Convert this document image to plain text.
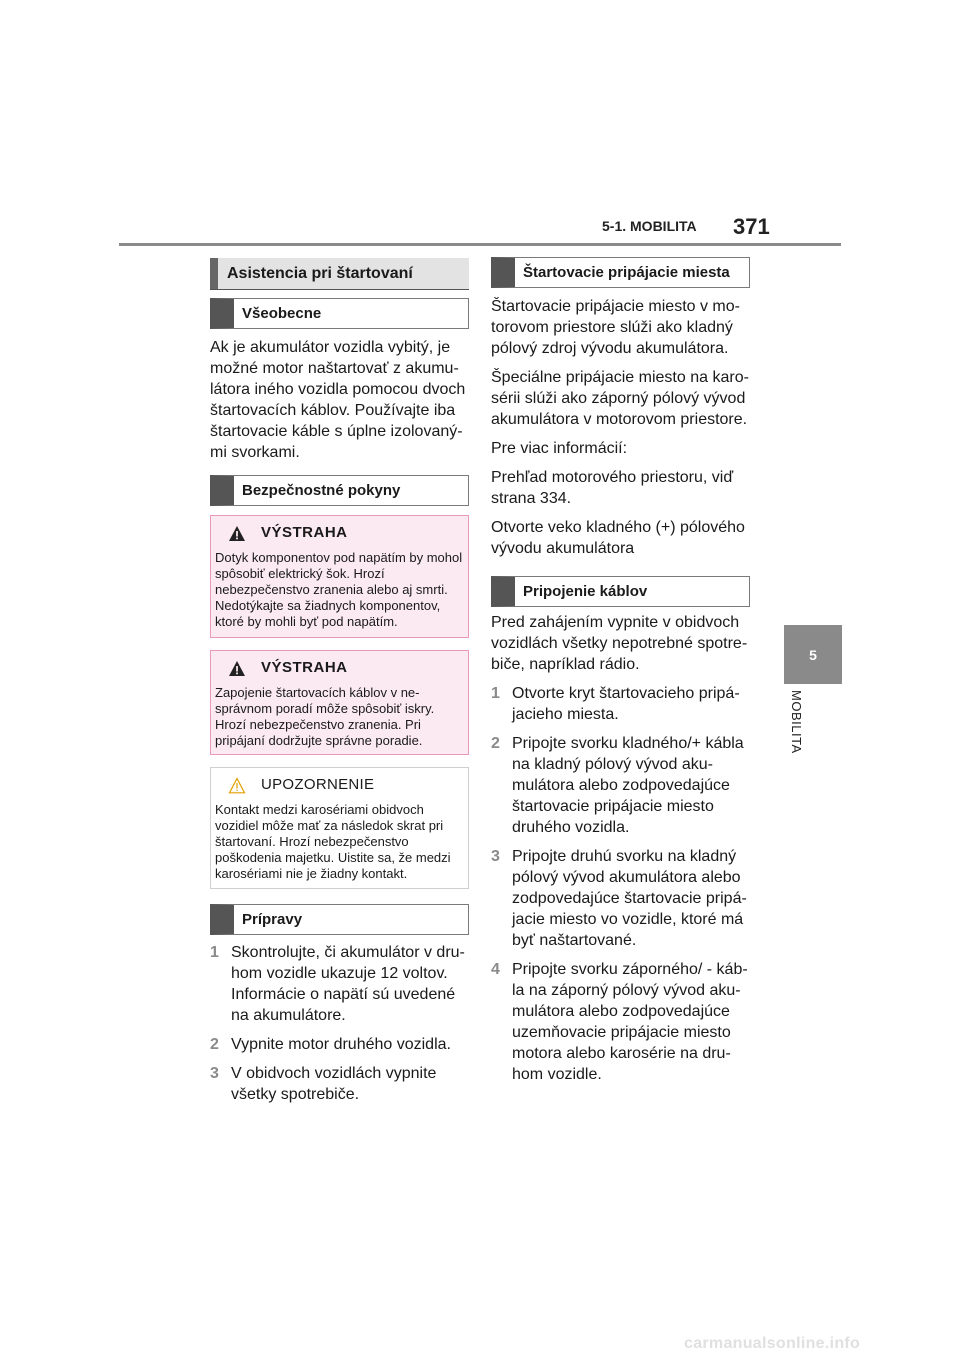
5-1. MOBILITA 371
5
MOBILITA
Asistencia pri štartovaní
Všeobecne

Ak je akumulátor vozidla vybitý, je možné motor naštartovať z akumulátora iného vozidla pomocou dvoch štartovacích káblov. Používajte iba štartovacie káble s úplne izolovanými svorkami.

Bezpečnostné pokyny
VÝSTRAHA
Dotyk komponentov pod napätím by mohol spôsobiť elektrický šok. Hrozí nebezpečenstvo zranenia alebo aj smrti. Nedotýkajte sa žiadnych komponentov, ktoré by mohli byť pod napätím.
VÝSTRAHA
Zapojenie štartovacích káblov v nesprávnom poradí môže spôsobiť iskry. Hrozí nebezpečenstvo zranenia. Pri pripájaní dodržujte správne poradie.
UPOZORNENIE
Kontakt medzi karosériami obidvoch vozidiel môže mať za následok skrat pri štartovaní. Hrozí nebezpečenstvo poškodenia majetku. Uistite sa, že medzi karosériami nie je žiadny kontakt.
Prípravy
1 Skontrolujte, či akumulátor v druhom vozidle ukazuje 12 voltov. Informácie o napätí sú uvedené na akumulátore.
2 Vypnite motor druhého vozidla.
3 V obidvoch vozidlách vypnite všetky spotrebiče.
Štartovacie pripájacie miesta

Štartovacie pripájacie miesto v motorovom priestore slúži ako kladný pólový zdroj vývodu akumulátora.

Špeciálne pripájacie miesto na karosérii slúži ako záporný pólový vývod akumulátora v motorovom priestore.

Pre viac informácií:

Prehľad motorového priestoru, viď strana 334.

Otvorte veko kladného (+) pólového vývodu akumulátora

Pripojenie káblov

Pred zahájením vypnite v obidvoch vozidlách všetky nepotrebné spotrebiče, napríklad rádio.

1 Otvorte kryt štartovacieho pripájacieho miesta.
2 Pripojte svorku kladného/+ kábla na kladný pólový vývod akumulátora alebo zodpovedajúce štartovacie pripájacie miesto druhého vozidla.
3 Pripojte druhú svorku na kladný pólový vývod akumulátora alebo zodpovedajúce štartovacie pripájacie miesto vo vozidle, ktoré má byť naštartované.
4 Pripojte svorku záporného/ - kábla na záporný pólový vývod akumulátora alebo zodpovedajúce uzemňovacie pripájacie miesto motora alebo karosérie na druhom vozidle.
carmanualsonline.info
